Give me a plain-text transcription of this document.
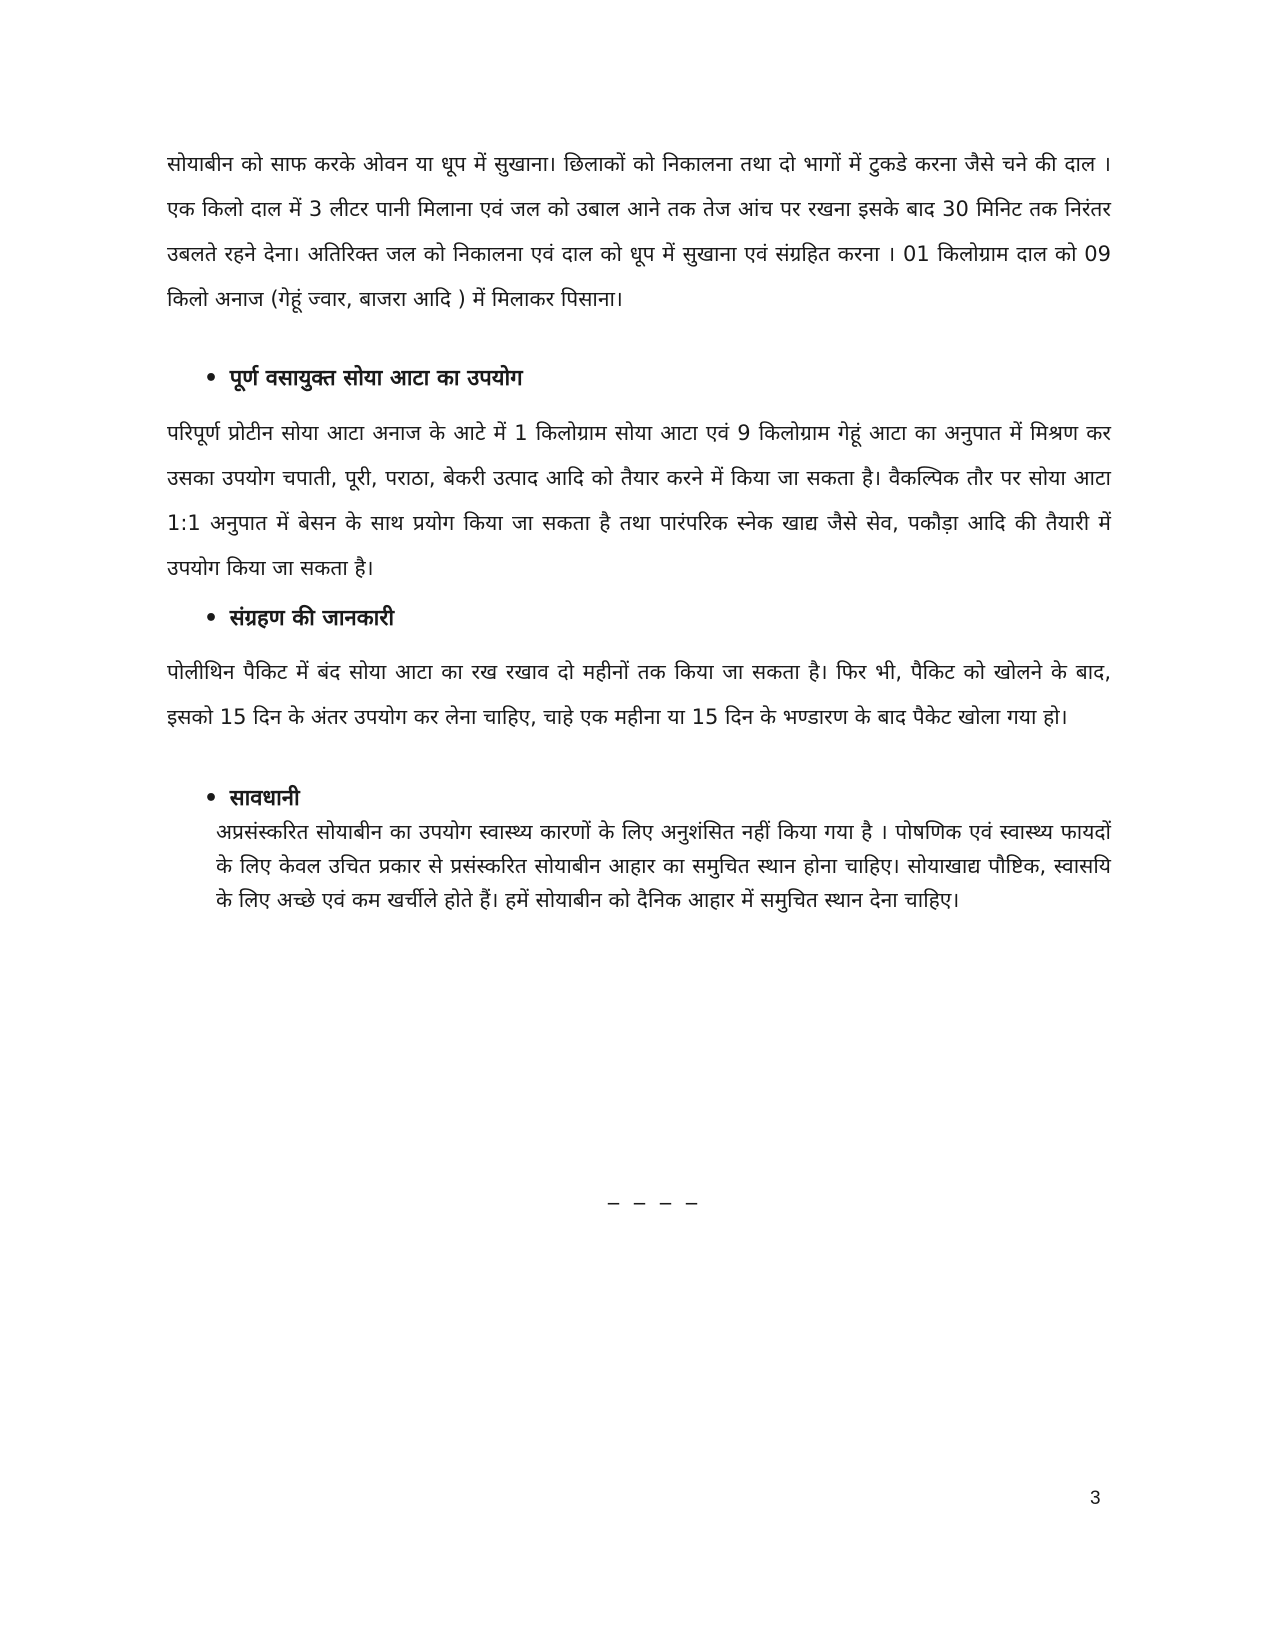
सोयाबीन को साफ करके ओवन या धूप में सुखाना। छिलाकों को निकालना तथा दो भागों में टुकडे करना जैसे चने की दाल । एक किलो दाल में 3 लीटर पानी मिलाना एवं जल को उबाल आने तक तेज आंच पर रखना इसके बाद 30 मिनिट तक निरंतर उबलते रहने देना। अतिरिक्त जल को निकालना एवं दाल को धूप में सुखाना एवं संग्रहित करना । 01 किलोग्राम दाल को 09 किलो अनाज (गेहूं ज्वार, बाजरा आदि ) में मिलाकर पिसाना।

• पूर्ण वसायुक्त सोया आटा का उपयोग

परिपूर्ण प्रोटीन सोया आटा अनाज के आटे में 1 किलोग्राम सोया आटा एवं 9 किलोग्राम गेहूं आटा का अनुपात में मिश्रण कर उसका उपयोग चपाती, पूरी, पराठा, बेकरी उत्पाद आदि को तैयार करने में किया जा सकता है। वैकल्पिक तौर पर सोया आटा 1:1 अनुपात में बेसन के साथ प्रयोग किया जा सकता है तथा पारंपरिक स्नेक खाद्य जैसे सेव, पकौड़ा आदि की तैयारी में उपयोग किया जा सकता है।

• संग्रहण की जानकारी

पोलीथिन पैकिट में बंद सोया आटा का रख रखाव दो महीनों तक किया जा सकता है। फिर भी, पैकिट को खोलने के बाद, इसको 15 दिन के अंतर उपयोग कर लेना चाहिए, चाहे एक महीना या 15 दिन के भण्डारण के बाद पैकेट खोला गया हो।

• सावधानी

अप्रसंस्करित सोयाबीन का उपयोग स्वास्थ्य कारणों के लिए अनुशंसित नहीं किया गया है । पोषणिक एवं स्वास्थ्य फायदों के लिए केवल उचित प्रकार से प्रसंस्करित सोयाबीन आहार का समुचित स्थान होना चाहिए। सोयाखाद्य पौष्टिक, स्वासयि के लिए अच्छे एवं कम खर्चीले होते हैं। हमें सोयाबीन को दैनिक आहार में समुचित स्थान देना चाहिए।

_ _ _ _
3
